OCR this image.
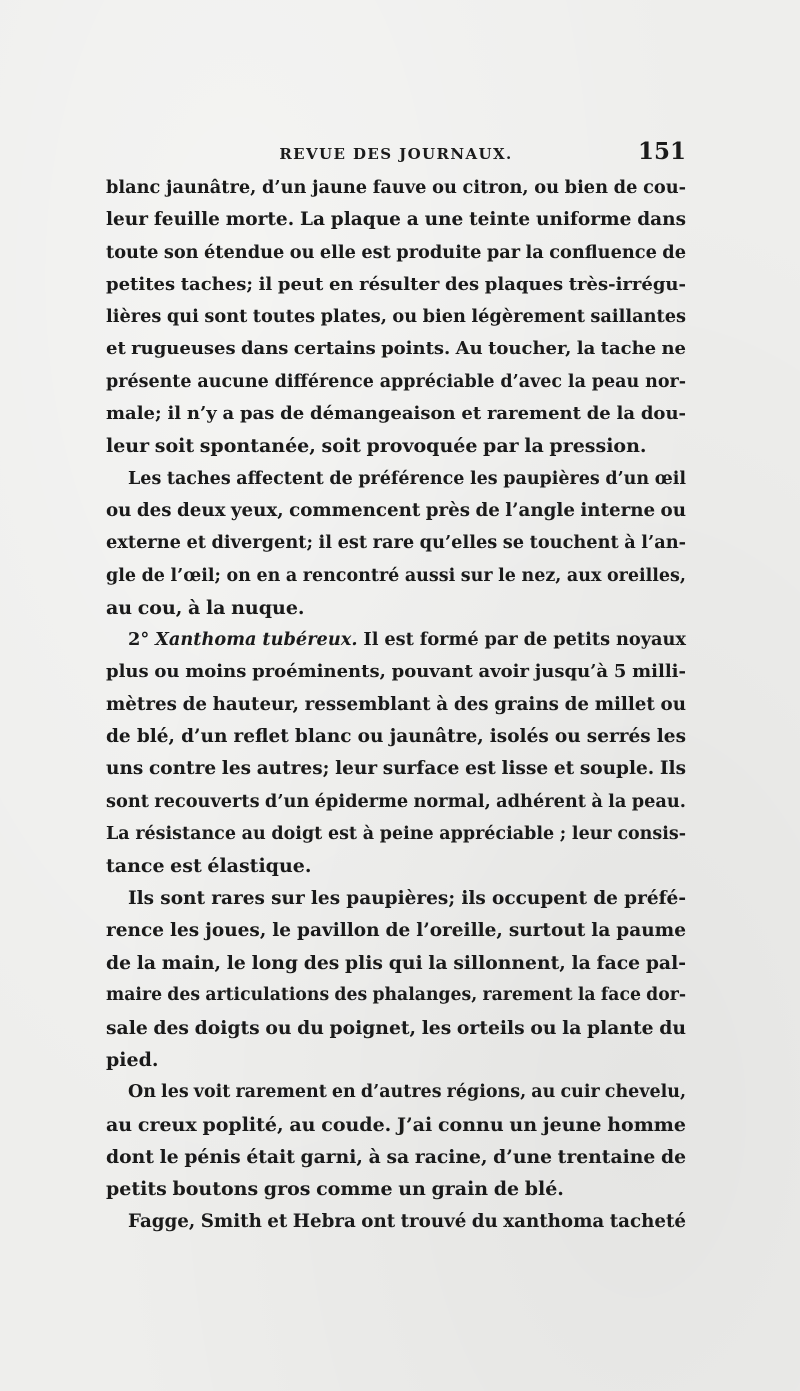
REVUE DES JOURNAUX.	151
blanc jaunâtre, d’un jaune fauve ou citron, ou bien de cou-
leur feuille morte. La plaque a une teinte uniforme dans
toute son étendue ou elle est produite par la confluence de
petites taches; il peut en résulter des plaques très-irrégu-
lières qui sont toutes plates, ou bien légèrement saillantes
et rugueuses dans certains points. Au toucher, la tache ne
présente aucune différence appréciable d’avec la peau nor-
male; il n’y a pas de démangeaison et rarement de la dou-
leur soit spontanée, soit provoquée par la pression.
Les taches affectent de préférence les paupières d’un œil
ou des deux yeux, commencent près de l’angle interne ou
externe et divergent; il est rare qu’elles se touchent à l’an-
gle de l’œil; on en a rencontré aussi sur le nez, aux oreilles,
au cou, à la nuque.
2° Xanthoma tubéreux. Il est formé par de petits noyaux
plus ou moins proéminents, pouvant avoir jusqu’à 5 milli-
mètres de hauteur, ressemblant à des grains de millet ou
de blé, d’un reflet blanc ou jaunâtre, isolés ou serrés les
uns contre les autres; leur surface est lisse et souple. Ils
sont recouverts d’un épiderme normal, adhérent à la peau.
La résistance au doigt est à peine appréciable ; leur consis-
tance est élastique.
Ils sont rares sur les paupières; ils occupent de préfé-
rence les joues, le pavillon de l’oreille, surtout la paume
de la main, le long des plis qui la sillonnent, la face pal-
maire des articulations des phalanges, rarement la face dor-
sale des doigts ou du poignet, les orteils ou la plante du
pied.
On les voit rarement en d’autres régions, au cuir chevelu,
au creux poplité, au coude. J’ai connu un jeune homme
dont le pénis était garni, à sa racine, d’une trentaine de
petits boutons gros comme un grain de blé.
Fagge, Smith et Hebra ont trouvé du xanthoma tacheté
